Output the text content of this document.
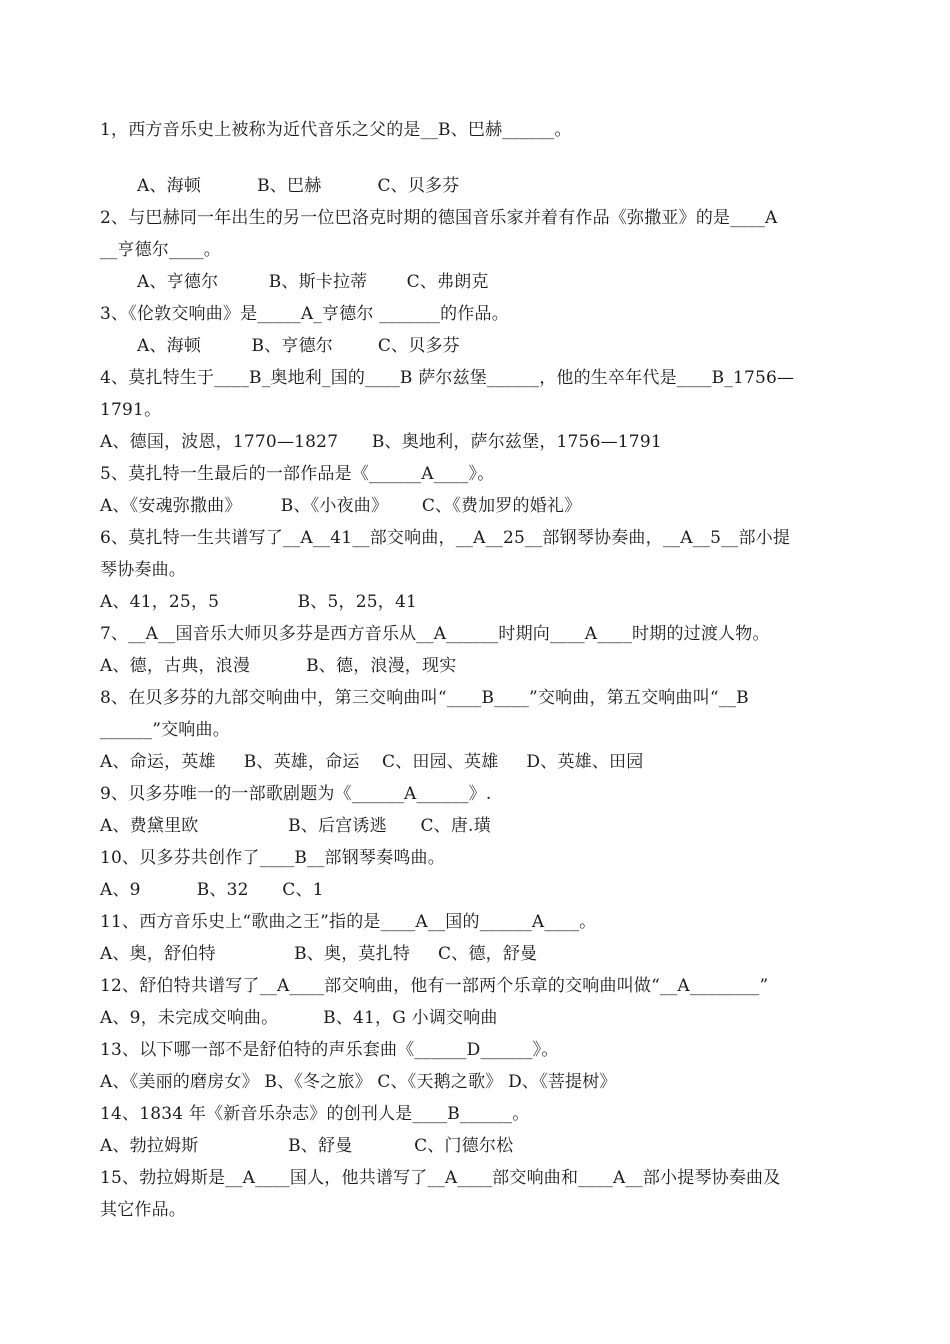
1，西方音乐史上被称为近代音乐之父的是__B、巴赫______。
A、海顿          B、巴赫          C、贝多芬
2、与巴赫同一年出生的另一位巴洛克时期的德国音乐家并着有作品《弥撒亚》的是____A
__亨德尔____。
A、亨德尔         B、斯卡拉蒂       C、弗朗克
3、《伦敦交响曲》是_____A_亨德尔 _______的作品。
A、海顿         B、亨德尔        C、贝多芬
4、莫扎特生于____B_奥地利_国的____B 萨尔兹堡______，他的生卒年代是____B_1756—
1791。
A、德国，波恩，1770—1827      B、奥地利，萨尔兹堡，1756—1791
5、莫扎特一生最后的一部作品是《______A____》。
A、《安魂弥撒曲》       B、《小夜曲》      C、《费加罗的婚礼》
6、莫扎特一生共谱写了__A__41__部交响曲，__A__25__部钢琴协奏曲，__A__5__部小提
琴协奏曲。
A、41，25，5              B、5，25，41
7、__A__国音乐大师贝多芬是西方音乐从__A______时期向____A____时期的过渡人物。
A、德，古典，浪漫          B、德，浪漫，现实
8、在贝多芬的九部交响曲中，第三交响曲叫“____B____”交响曲，第五交响曲叫“__B
______”交响曲。
A、命运，英雄     B、英雄，命运    C、田园、英雄     D、英雄、田园
9、贝多芬唯一的一部歌剧题为《______A______》.
A、费黛里欧                B、后宫诱逃      C、唐.璜
10、贝多芬共创作了____B__部钢琴奏鸣曲。
A、9          B、32      C、1
11、西方音乐史上“歌曲之王”指的是____A__国的______A____。
A、奥，舒伯特              B、奥，莫扎特     C、德，舒曼
12、舒伯特共谱写了__A____部交响曲，他有一部两个乐章的交响曲叫做“__A________”
A、9，未完成交响曲。        B、41，G 小调交响曲
13、以下哪一部不是舒伯特的声乐套曲《______D______》。
A、《美丽的磨房女》 B、《冬之旅》 C、《天鹅之歌》 D、《菩提树》
14、1834 年《新音乐杂志》的创刊人是____B______。
A、勃拉姆斯                B、舒曼           C、门德尔松
15、勃拉姆斯是__A____国人，他共谱写了__A____部交响曲和____A__部小提琴协奏曲及
其它作品。
